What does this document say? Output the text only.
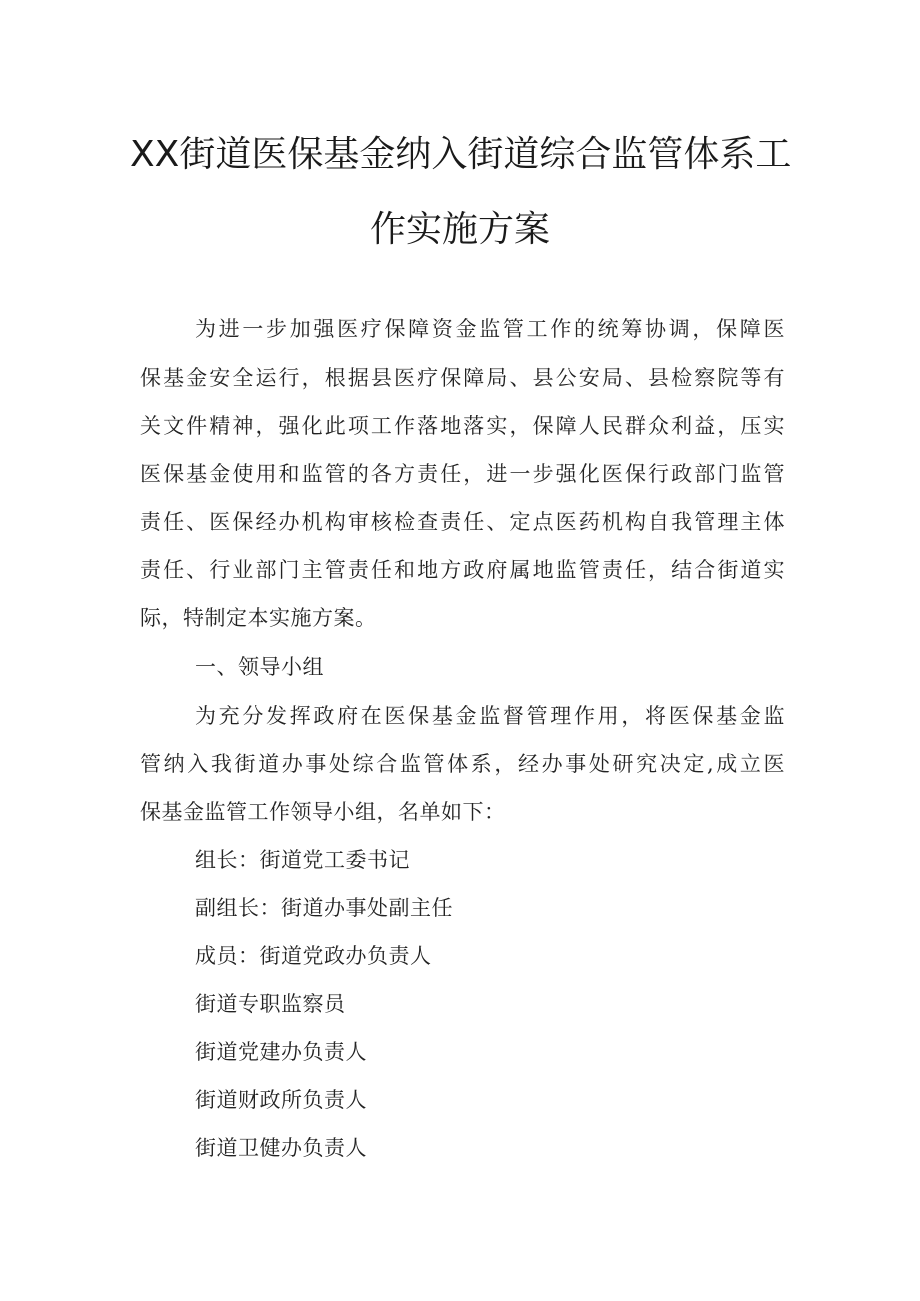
XX街道医保基金纳入街道综合监管体系工
作实施方案
为进一步加强医疗保障资金监管工作的统筹协调，保障医
保基金安全运行，根据县医疗保障局、县公安局、县检察院等有
关文件精神，强化此项工作落地落实，保障人民群众利益，压实
医保基金使用和监管的各方责任，进一步强化医保行政部门监管
责任、医保经办机构审核检查责任、定点医药机构自我管理主体
责任、行业部门主管责任和地方政府属地监管责任，结合街道实
际，特制定本实施方案。
一、领导小组
为充分发挥政府在医保基金监督管理作用，将医保基金监
管纳入我街道办事处综合监管体系，经办事处研究决定,成立医
保基金监管工作领导小组，名单如下：
组长：街道党工委书记
副组长：街道办事处副主任
成员：街道党政办负责人
街道专职监察员
街道党建办负责人
街道财政所负责人
街道卫健办负责人
